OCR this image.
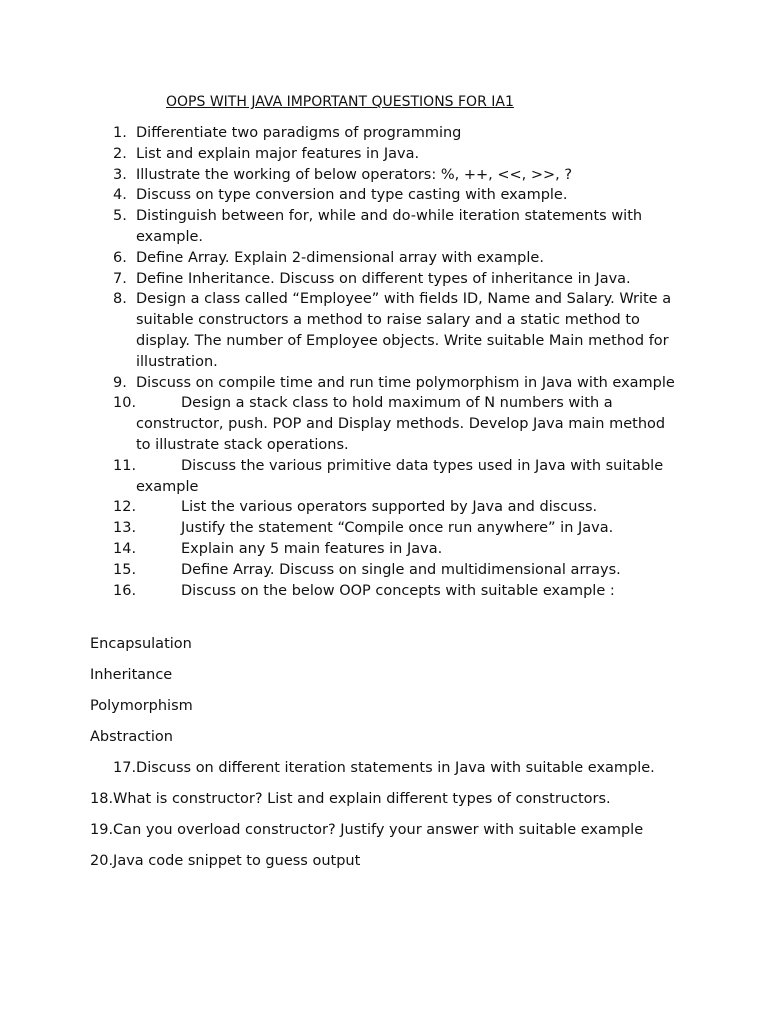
OOPS WITH JAVA IMPORTANT QUESTIONS FOR IA1
1. Differentiate two paradigms of programming
2. List and explain major features in Java.
3. Illustrate the working of below operators: %, ++, <<, >>, ?
4. Discuss on type conversion and type casting with example.
5. Distinguish between for, while and do-while iteration statements with example.
6. Define Array. Explain 2-dimensional array with example.
7. Define Inheritance. Discuss on different types of inheritance in Java.
8. Design a class called “Employee” with fields ID, Name and Salary. Write a suitable constructors a method to raise salary and a static method to display. The number of Employee objects. Write suitable Main method for illustration.
9. Discuss on compile time and run time polymorphism in Java with example
10.	Design a stack class to hold maximum of N numbers with a constructor, push. POP and Display methods. Develop Java main method to illustrate stack operations.
11.	Discuss the various primitive data types used in Java with suitable example
12.	List the various operators supported by Java and discuss.
13.	Justify the statement “Compile once run anywhere” in Java.
14.	Explain any 5 main features in Java.
15.	Define Array. Discuss on single and multidimensional arrays.
16.	Discuss on the below OOP concepts with suitable example :
Encapsulation
Inheritance
Polymorphism
Abstraction
17.Discuss on different iteration statements in Java with suitable example.
18.What is constructor? List and explain different types of constructors.
19.Can you overload constructor? Justify your answer with suitable example
20.Java code snippet to guess output
